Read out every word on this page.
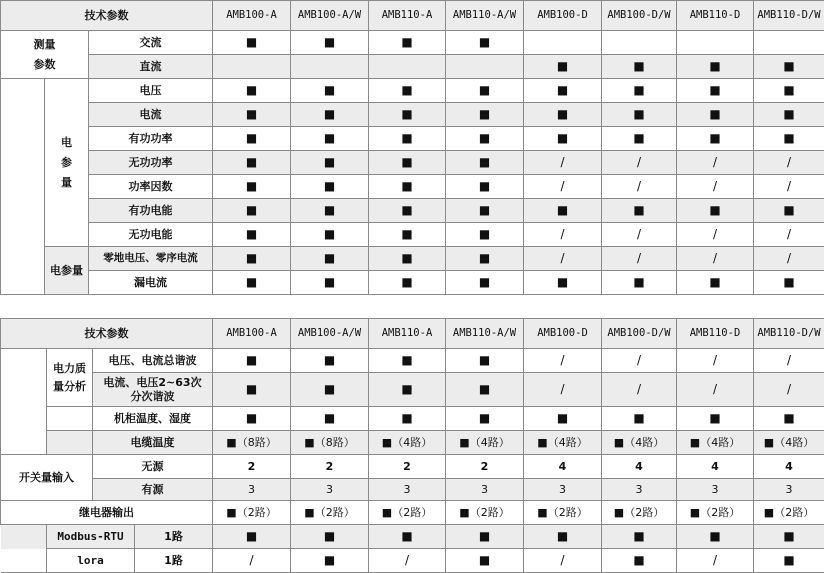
技术参数			AMB100-A	AMB100-A/W	AMB110-A	AMB110-A/W	AMB100-D	AMB100-D/W	AMB110-D	AMB110-D/W
测量
参数		交流	■	■	■	■				
		直流					■	■	■	■
	电
参
量	电压	■	■	■	■	■	■	■	■
		电流	■	■	■	■	■	■	■	■
		有功功率	■	■	■	■	■	■	■	■
		无功功率	■	■	■	■	/	/	/	/
		功率因数	■	■	■	■	/	/	/	/
		有功电能	■	■	■	■	■	■	■	■
		无功电能	■	■	■	■	/	/	/	/
	电参量	零地电压、零序电流	■	■	■	■	/	/	/	/
		漏电流	■	■	■	■	■	■	■	■
技术参数				AMB100-A	AMB100-A/W	AMB110-A	AMB110-A/W	AMB100-D	AMB100-D/W	AMB110-D	AMB110-D/W
	电力质
量分析	电压、电流总谐波		■	■	■	■	/	/	/	/
		电流、电压2~63次
分次谐波		■	■	■	■	/	/	/	/
		机柜温度、湿度		■	■	■	■	■	■	■	■
		电缆温度		■（8路）	■（8路）	■（4路）	■（4路）	■（4路）	■（4路）	■（4路）	■（4路）
开关量输入		无源		2	2	2	2	4	4	4	4
		有源		3	3	3	3	3	3	3	3
继电器输出				■（2路）	■（2路）	■（2路）	■（2路）	■（2路）	■（2路）	■（2路）	■（2路）
	Modbus-RTU		1路	■	■	■	■	■	■	■	■
	lora		1路	/	■	/	■	/	■	/	■
